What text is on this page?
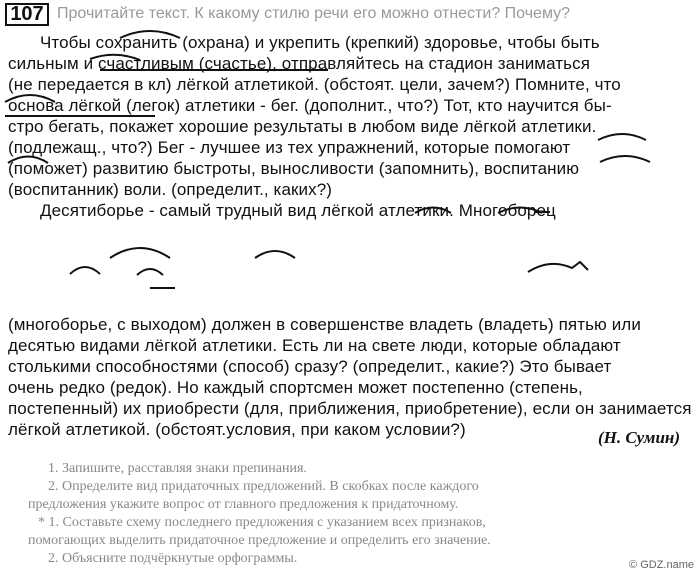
107 Прочитайте текст. К какому стилю речи его можно отнести? Почему?
Чтобы сохранить (охрана) и укрепить (крепкий) здоровье, чтобы быть
сильным и счастливым (счастье), отправляйтесь на стадион заниматься
(не передается в кл) лёгкой атлетикой. (обстоят. цели, зачем?) Помните, что
основа лёгкой (легок) атлетики - бег. (дополнит., что?) Тот, кто научится бы-
стро бегать, покажет хорошие результаты в любом виде лёгкой атлетики.
(подлежащ., что?) Бег - лучшее из тех упражнений, которые помогают
(поможет) развитию быстроты, выносливости (запомнить), воспитанию
(воспитанник) воли. (определит., каких?)
Десятиборье - самый трудный вид лёгкой атлетики. Многоборец
(многоборье, с выходом) должен в совершенстве владеть (владеть) пятью или
десятью видами лёгкой атлетики. Есть ли на свете люди, которые обладают
столькими способностями (способ) сразу? (определит., какие?) Это бывает
очень редко (редок). Но каждый спортсмен может постепенно (степень,
постепенный) их приобрести (для, приближения, приобретение), если он занимается
лёгкой атлетикой. (обстоят.условия, при каком условии?)	(Н. Сумин)
1. Запишите, расставляя знаки препинания.
2. Определите вид придаточных предложений. В скобках после каждого
предложения укажите вопрос от главного предложения к придаточному.
* 1. Составьте схему последнего предложения с указанием всех признаков,
помогающих выделить придаточное предложение и определить его значение.
2. Объясните подчёркнутые орфограммы.	© GDZ.name
